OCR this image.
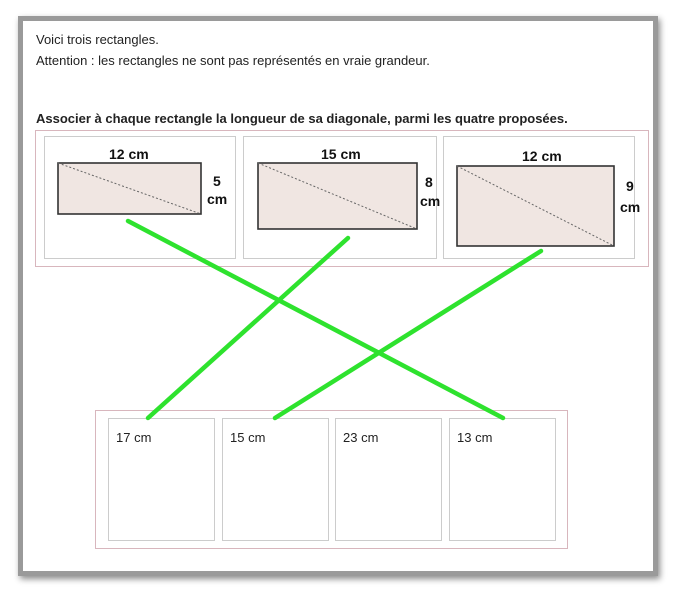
Voici trois rectangles.
Attention : les rectangles ne sont pas représentés en vraie grandeur.
Associer à chaque rectangle la longueur de sa diagonale, parmi les quatre proposées.
12 cm
5
cm
15 cm
8
cm
12 cm
9
cm
17 cm	15 cm	23 cm	13 cm
